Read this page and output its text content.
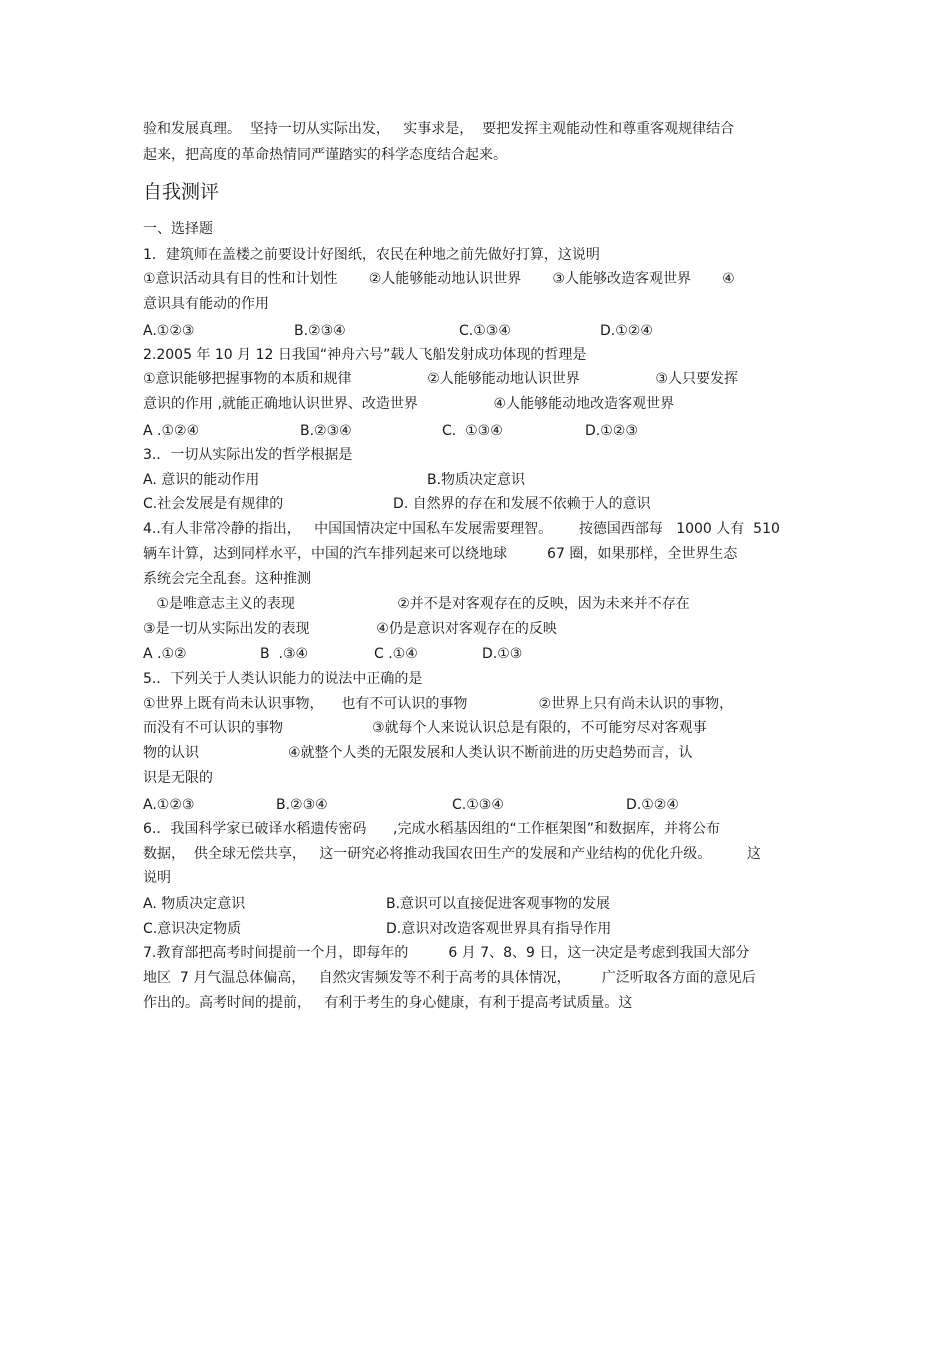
验和发展真理。  坚持一切从实际出发，   实事求是，  要把发挥主观能动性和尊重客观规律结合
起来，把高度的革命热情同严谨踏实的科学态度结合起来。
自我测评
一、选择题
1．建筑师在盖楼之前要设计好图纸，农民在种地之前先做好打算，这说明
①意识活动具有目的性和计划性       ②人能够能动地认识世界       ③人能够改造客观世界       ④
意识具有能动的作用
A.①②③	B.②③④	C.①③④	D.①②④
2.2005 年 10 月 12 日我国“神舟六号”载人飞船发射成功体现的哲理是
①意识能够把握事物的本质和规律                 ②人能够能动地认识世界                 ③人只要发挥
意识的作用 ,就能正确地认识世界、改造世界                 ④人能够能动地改造客观世界
A .①②④	B.②③④	C.  ①③④	D.①②③
3.．一切从实际出发的哲学根据是
A. 意识的能动作用	B.物质决定意识
C.社会发展是有规律的	D. 自然界的存在和发展不依赖于人的意识
4..有人非常冷静的指出，   中国国情决定中国私车发展需要理智。      按德国西部每   1000 人有  510
辆车计算，达到同样水平，中国的汽车排列起来可以绕地球         67 圈，如果那样，全世界生态
系统会完全乱套。这种推测
①是唯意志主义的表现                       ②并不是对客观存在的反映，因为未来并不存在
③是一切从实际出发的表现               ④仍是意识对客观存在的反映
A .①②	B  .③④	C .①④	D.①③
5.．下列关于人类认识能力的说法中正确的是
①世界上既有尚未认识事物，    也有不可认识的事物                ②世界上只有尚未认识的事物，
而没有不可认识的事物                    ③就每个人来说认识总是有限的，不可能穷尽对客观事
物的认识                    ④就整个人类的无限发展和人类认识不断前进的历史趋势而言，认
识是无限的
A.①②③	B.②③④	C.①③④	D.①②④
6.．我国科学家已破译水稻遗传密码      ,完成水稻基因组的“工作框架图”和数据库，并将公布
数据，  供全球无偿共享，   这一研究必将推动我国农田生产的发展和产业结构的优化升级。        这
说明
A. 物质决定意识	B.意识可以直接促进客观事物的发展
C.意识决定物质	D.意识对改造客观世界具有指导作用
7.教育部把高考时间提前一个月，即每年的         6 月 7、8、9 日，这一决定是考虑到我国大部分
地区  7 月气温总体偏高，   自然灾害频发等不利于高考的具体情况，       广泛听取各方面的意见后
作出的。高考时间的提前，   有利于考生的身心健康，有利于提高考试质量。这
